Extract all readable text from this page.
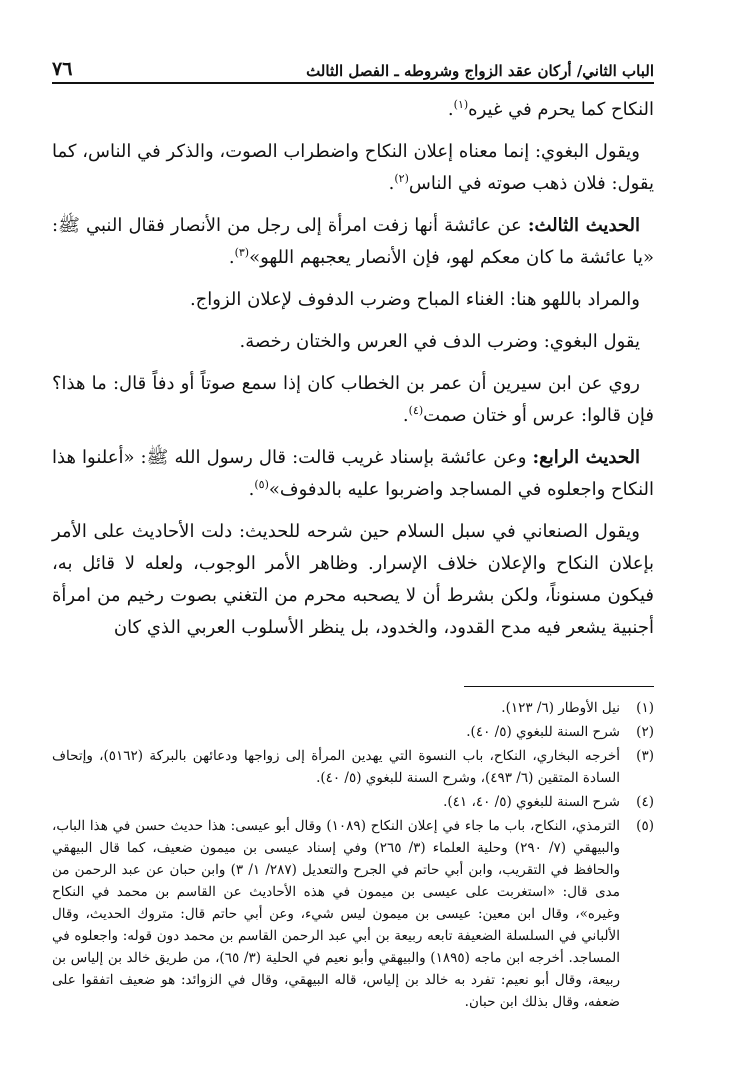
الباب الثاني/ أركان عقد الزواج وشروطه ـ الفصل الثالث
٧٦

النكاح كما يحرم في غيره$^{(١)}$.

ويقول البغوي: إنما معناه إعلان النكاح واضطراب الصوت، والذكر في الناس، كما يقول: فلان ذهب صوته في الناس$^{(٢)}$.

الحديث الثالث: عن عائشة أنها زفت امرأة إلى رجل من الأنصار فقال النبي ﷺ: «يا عائشة ما كان معكم لهو، فإن الأنصار يعجبهم اللهو»$^{(٣)}$.

والمراد باللهو هنا: الغناء المباح وضرب الدفوف لإعلان الزواج.

يقول البغوي: وضرب الدف في العرس والختان رخصة.

روي عن ابن سيرين أن عمر بن الخطاب كان إذا سمع صوتاً أو دفاً قال: ما هذا؟ فإن قالوا: عرس أو ختان صمت$^{(٤)}$.

الحديث الرابع: وعن عائشة بإسناد غريب قالت: قال رسول الله ﷺ: «أعلنوا هذا النكاح واجعلوه في المساجد واضربوا عليه بالدفوف»$^{(٥)}$.

ويقول الصنعاني في سبل السلام حين شرحه للحديث: دلت الأحاديث على الأمر بإعلان النكاح والإعلان خلاف الإسرار. وظاهر الأمر الوجوب، ولعله لا قائل به، فيكون مسنوناً، ولكن بشرط أن لا يصحبه محرم من التغني بصوت رخيم من امرأة أجنبية يشعر فيه مدح القدود، والخدود، بل ينظر الأسلوب العربي الذي كان

(١)
نيل الأوطار (٦/ ١٢٣).
(٢)
شرح السنة للبغوي (٥/ ٤٠).
(٣)
أخرجه البخاري، النكاح، باب النسوة التي يهدين المرأة إلى زواجها ودعائهن بالبركة (٥١٦٢)، وإتحاف السادة المتقين (٦/ ٤٩٣)، وشرح السنة للبغوي (٥/ ٤٠).
(٤)
شرح السنة للبغوي (٥/ ٤٠، ٤١).
(٥)
الترمذي، النكاح، باب ما جاء في إعلان النكاح (١٠٨٩) وقال أبو عيسى: هذا حديث حسن في هذا الباب، والبيهقي (٧/ ٢٩٠) وحلية العلماء (٣/ ٢٦٥) وفي إسناد عيسى بن ميمون ضعيف، كما قال البيهقي والحافظ في التقريب، وابن أبي حاتم في الجرح والتعديل (٢٨٧/ ١/ ٣) وابن حبان عن عبد الرحمن من مدى قال: «استغربت على عيسى بن ميمون في هذه الأحاديث عن القاسم بن محمد في النكاح وغيره»، وقال ابن معين: عيسى بن ميمون ليس شيء، وعن أبي حاتم قال: متروك الحديث، وقال الألباني في السلسلة الضعيفة تابعه ربيعة بن أبي عبد الرحمن القاسم بن محمد دون قوله: واجعلوه في المساجد. أخرجه ابن ماجه (١٨٩٥) والبيهقي وأبو نعيم في الحلية (٣/ ٦٥)، من طريق خالد بن إلياس بن ربيعة، وقال أبو نعيم: تفرد به خالد بن إلياس، قاله البيهقي، وقال في الزوائد: هو ضعيف اتفقوا على ضعفه، وقال بذلك ابن حبان.
